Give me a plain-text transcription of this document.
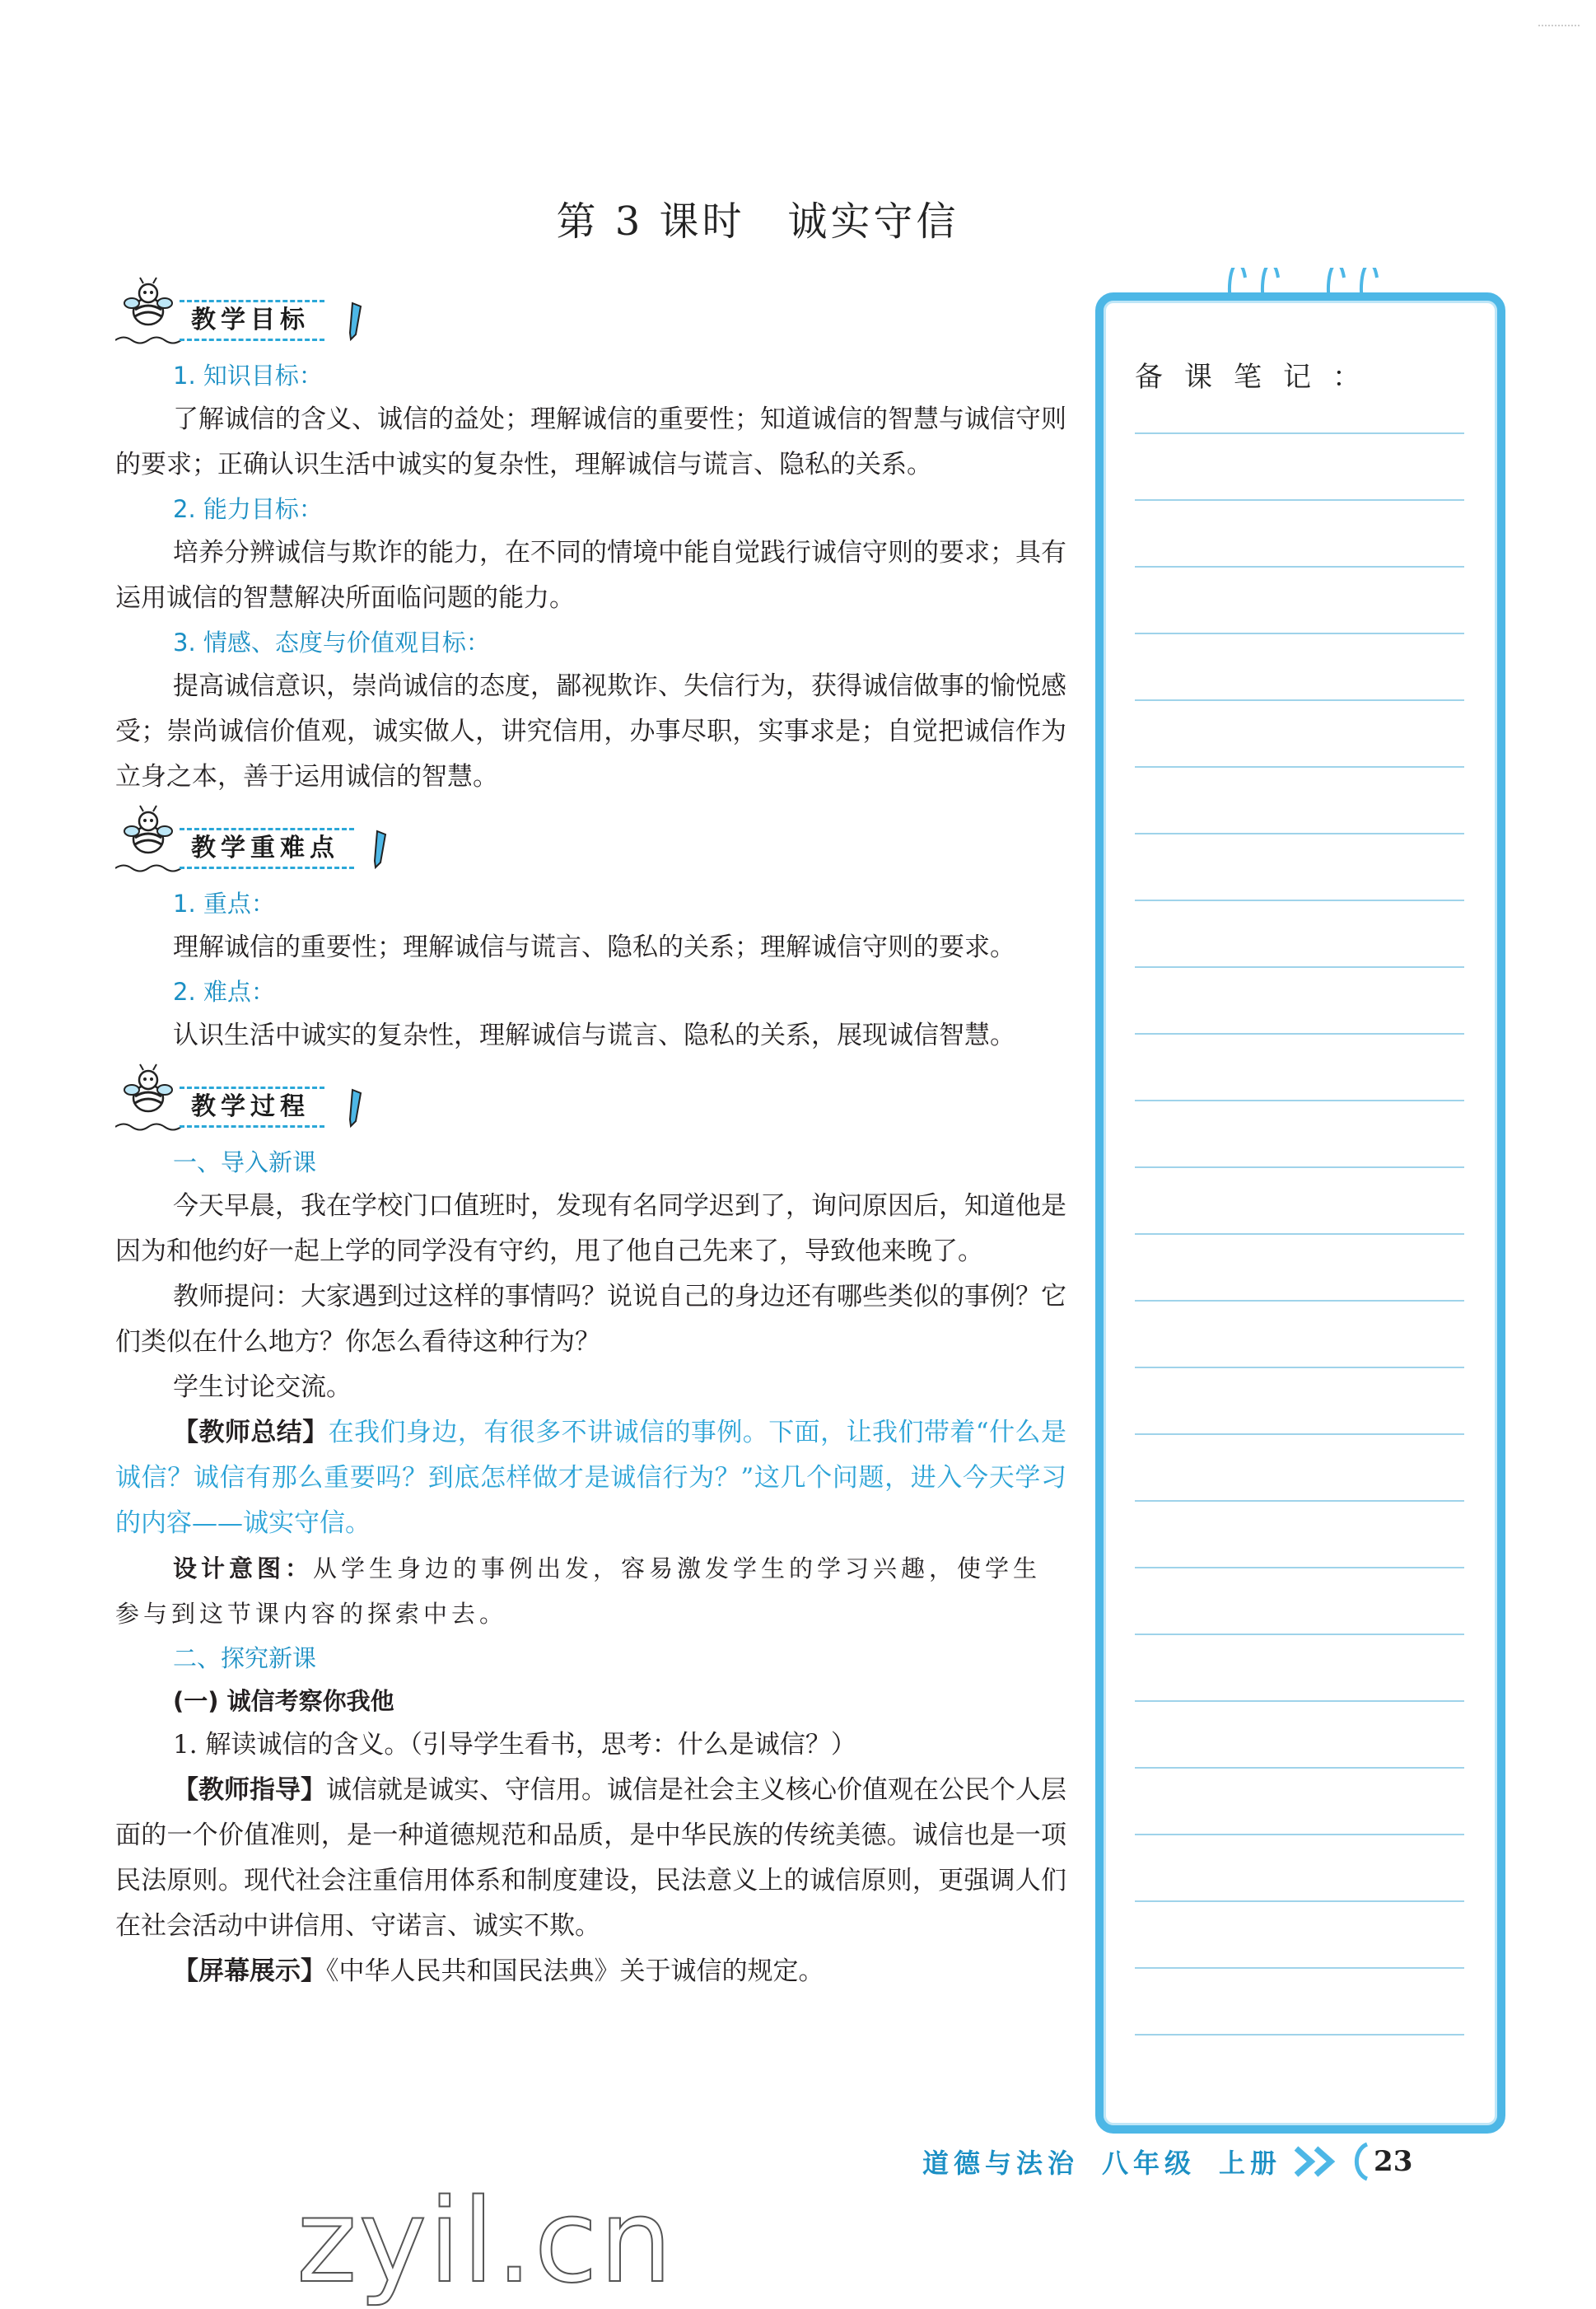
第 3 课时　诚实守信
教学目标
1. 知识目标：

了解诚信的含义、诚信的益处；理解诚信的重要性；知道诚信的智慧与诚信守则的要求；正确认识生活中诚实的复杂性，理解诚信与谎言、隐私的关系。

2. 能力目标：

培养分辨诚信与欺诈的能力，在不同的情境中能自觉践行诚信守则的要求；具有运用诚信的智慧解决所面临问题的能力。

3. 情感、态度与价值观目标：

提高诚信意识，崇尚诚信的态度，鄙视欺诈、失信行为，获得诚信做事的愉悦感受；崇尚诚信价值观，诚实做人，讲究信用，办事尽职，实事求是；自觉把诚信作为立身之本，善于运用诚信的智慧。

教学重难点
1. 重点：

理解诚信的重要性；理解诚信与谎言、隐私的关系；理解诚信守则的要求。

2. 难点：

认识生活中诚实的复杂性，理解诚信与谎言、隐私的关系，展现诚信智慧。

教学过程
一、导入新课

今天早晨，我在学校门口值班时，发现有名同学迟到了，询问原因后，知道他是因为和他约好一起上学的同学没有守约，甩了他自己先来了，导致他来晚了。

教师提问：大家遇到过这样的事情吗？说说自己的身边还有哪些类似的事例？它们类似在什么地方？你怎么看待这种行为？

学生讨论交流。

【教师总结】在我们身边，有很多不讲诚信的事例。下面，让我们带着“什么是诚信？诚信有那么重要吗？到底怎样做才是诚信行为？”这几个问题，进入今天学习的内容——诚实守信。

设计意图：从学生身边的事例出发，容易激发学生的学习兴趣，使学生参与到这节课内容的探索中去。

二、探究新课
(一) 诚信考察你我他

1. 解读诚信的含义。（引导学生看书，思考：什么是诚信？）

【教师指导】诚信就是诚实、守信用。诚信是社会主义核心价值观在公民个人层面的一个价值准则，是一种道德规范和品质，是中华民族的传统美德。诚信也是一项民法原则。现代社会注重信用体系和制度建设，民法意义上的诚信原则，更强调人们在社会活动中讲信用、守诺言、诚实不欺。

【屏幕展示】《中华人民共和国民法典》关于诚信的规定。

备课笔记：
道德与法治 八年级 上册	23
zyil.cn
